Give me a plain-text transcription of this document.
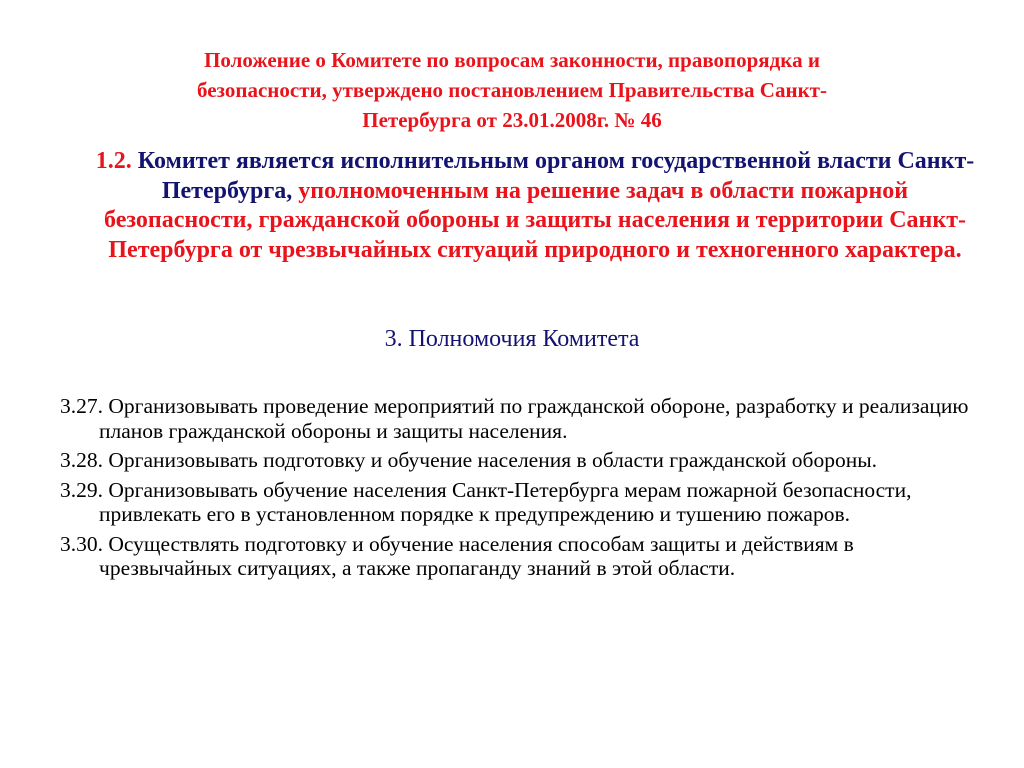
Положение о Комитете по вопросам законности, правопорядка и
безопасности, утверждено постановлением Правительства Санкт-
Петербурга от 23.01.2008г. № 46
1.2. Комитет является исполнительным органом государственной власти Санкт-Петербурга, уполномоченным на решение задач в области пожарной безопасности, гражданской обороны и защиты населения и территории Санкт-Петербурга от чрезвычайных ситуаций природного и техногенного характера.
3. Полномочия Комитета
3.27. Организовывать проведение мероприятий по гражданской обороне, разработку и реализацию планов гражданской обороны и защиты населения.
3.28. Организовывать подготовку и обучение населения в области гражданской обороны.
3.29. Организовывать обучение населения Санкт-Петербурга мерам пожарной безопасности, привлекать его в установленном порядке к предупреждению и тушению пожаров.
3.30. Осуществлять подготовку и обучение населения способам защиты и действиям в чрезвычайных ситуациях, а также пропаганду знаний в этой области.
